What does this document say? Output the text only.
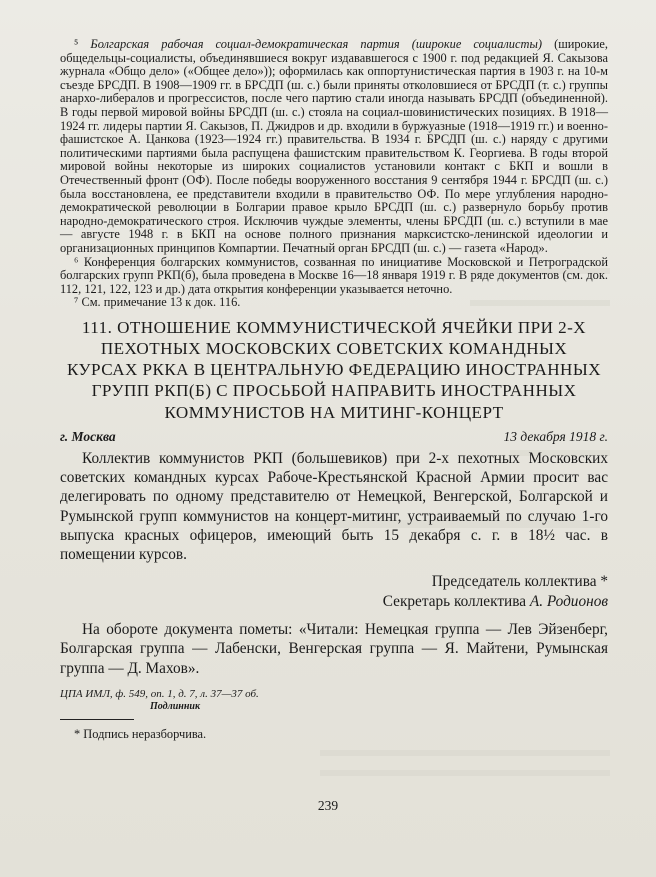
⁵ Болгарская рабочая социал-демократическая партия (широкие социалисты) (широкие, общедельцы-социалисты, объединявшиеся вокруг издававшегося с 1900 г. под редакцией Я. Сакызова журнала «Общо дело» («Общее дело»)); оформилась как оппортунистическая партия в 1903 г. на 10-м съезде БРСДП. В 1908—1909 гг. в БРСДП (ш. с.) были приняты отколовшиеся от БРСДП (т. с.) группы анархо-либералов и прогрессистов, после чего партию стали иногда называть БРСДП (объединенной). В годы первой мировой войны БРСДП (ш. с.) стояла на социал-шовинистических позициях. В 1918—1924 гг. лидеры партии Я. Сакызов, П. Джидров и др. входили в буржуазные (1918—1919 гг.) и военно-фашистское А. Цанкова (1923—1924 гг.) правительства. В 1934 г. БРСДП (ш. с.) наряду с другими политическими партиями была распущена фашистским правительством К. Георгиева. В годы второй мировой войны некоторые из широких социалистов установили контакт с БКП и вошли в Отечественный фронт (ОФ). После победы вооруженного восстания 9 сентября 1944 г. БРСДП (ш. с.) была восстановлена, ее представители входили в правительство ОФ. По мере углубления народно-демократической революции в Болгарии правое крыло БРСДП (ш. с.) развернуло борьбу против народно-демократического строя. Исключив чуждые элементы, члены БРСДП (ш. с.) вступили в мае — августе 1948 г. в БКП на основе полного признания марксистско-ленинской идеологии и организационных принципов Компартии. Печатный орган БРСДП (ш. с.) — газета «Народ».

⁶ Конференция болгарских коммунистов, созванная по инициативе Московской и Петроградской болгарских групп РКП(б), была проведена в Москве 16—18 января 1919 г. В ряде документов (см. док. 112, 121, 122, 123 и др.) дата открытия конференции указывается неточно.

⁷ См. примечание 13 к док. 116.

111. ОТНОШЕНИЕ КОММУНИСТИЧЕСКОЙ ЯЧЕЙКИ ПРИ 2-Х ПЕХОТНЫХ МОСКОВСКИХ СОВЕТСКИХ КОМАНДНЫХ КУРСАХ РККА В ЦЕНТРАЛЬНУЮ ФЕДЕРАЦИЮ ИНОСТРАННЫХ ГРУПП РКП(Б) С ПРОСЬБОЙ НАПРАВИТЬ ИНОСТРАННЫХ КОММУНИСТОВ НА МИТИНГ-КОНЦЕРТ
г. Москва	13 декабря 1918 г.

Коллектив коммунистов РКП (большевиков) при 2-х пехотных Московских советских командных курсах Рабоче-Крестьянской Красной Армии просит вас делегировать по одному представителю от Немецкой, Венгерской, Болгарской и Румынской групп коммунистов на концерт-митинг, устраиваемый по случаю 1-го выпуска красных офицеров, имеющий быть 15 декабря с. г. в 18½ час. в помещении курсов.

Председатель коллектива *

Секретарь коллектива А. Родионов

На обороте документа пометы: «Читали: Немецкая группа — Лев Эйзенберг, Болгарская группа — Лабенски, Венгерская группа — Я. Майтени, Румынская группа — Д. Махов».

ЦПА ИМЛ, ф. 549, оп. 1, д. 7, л. 37—37 об.
Подлинник
* Подпись неразборчива.
239
